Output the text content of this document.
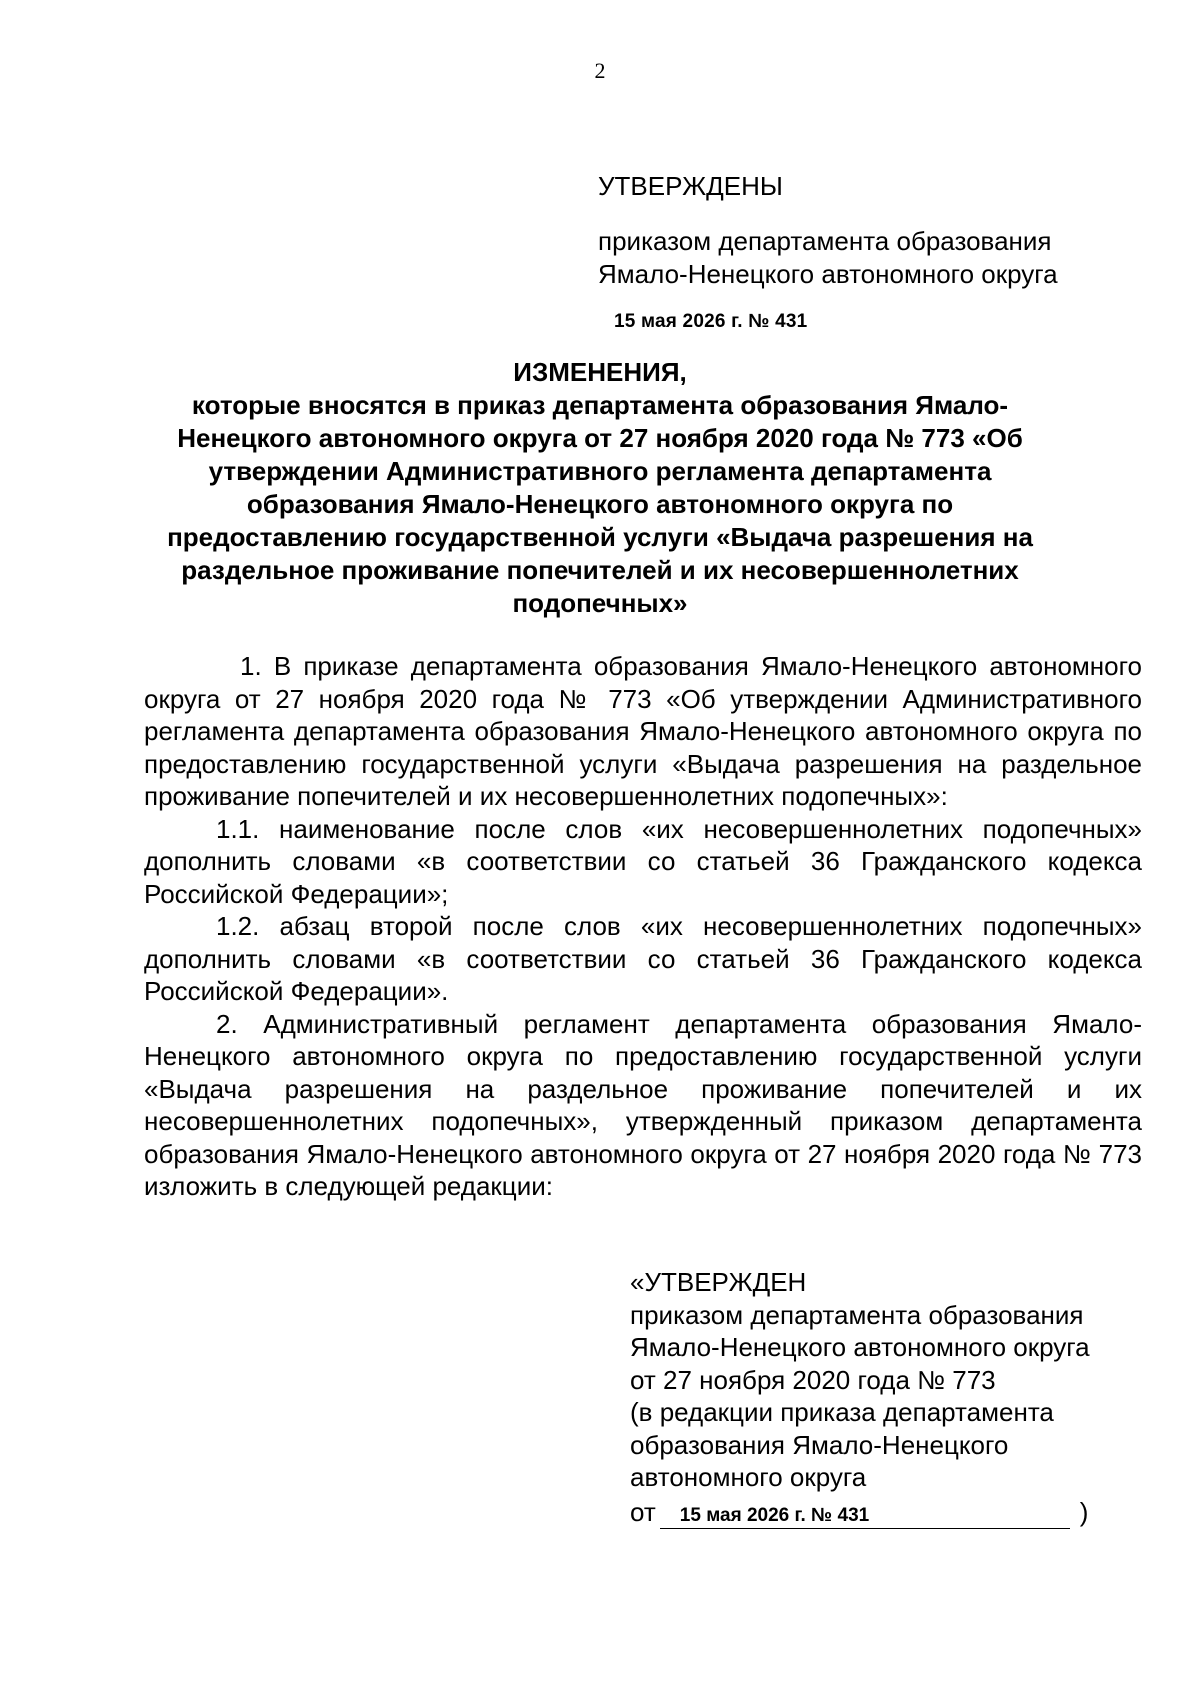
2
УТВЕРЖДЕНЫ
приказом департамента образования
Ямало-Ненецкого автономного округа
15 мая 2026 г. № 431
ИЗМЕНЕНИЯ,
которые вносятся в приказ департамента образования Ямало-Ненецкого автономного округа от 27 ноября 2020 года № 773 «Об утверждении Административного регламента департамента образования Ямало-Ненецкого автономного округа по предоставлению государственной услуги «Выдача разрешения на раздельное проживание попечителей и их несовершеннолетних подопечных»

1. В приказе департамента образования Ямало-Ненецкого автономного округа от 27 ноября 2020 года № 773 «Об утверждении Административного регламента департамента образования Ямало-Ненецкого автономного округа по предоставлению государственной услуги «Выдача разрешения на раздельное проживание попечителей и их несовершеннолетних подопечных»:

1.1. наименование после слов «их несовершеннолетних подопечных» дополнить словами «в соответствии со статьей 36 Гражданского кодекса Российской Федерации»;

1.2. абзац второй после слов «их несовершеннолетних подопечных» дополнить словами «в соответствии со статьей 36 Гражданского кодекса Российской Федерации».

2. Административный регламент департамента образования Ямало-Ненецкого автономного округа по предоставлению государственной услуги «Выдача разрешения на раздельное проживание попечителей и их несовершеннолетних подопечных», утвержденный приказом департамента образования Ямало-Ненецкого автономного округа от 27 ноября 2020 года № 773 изложить в следующей редакции:

«УТВЕРЖДЕН
приказом департамента образования
Ямало-Ненецкого автономного округа
от 27 ноября 2020 года № 773
(в редакции приказа департамента
образования Ямало-Ненецкого
автономного округа
от	15 мая 2026 г. № 431	)
